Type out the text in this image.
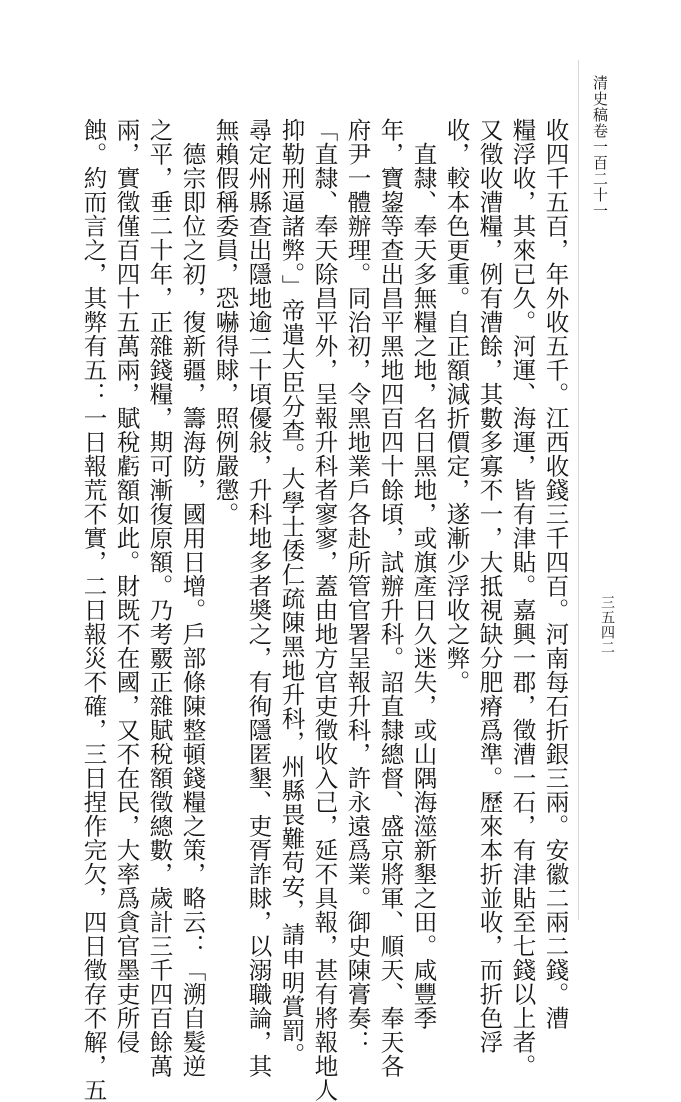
清史稿卷一百二十一
三五四二
收四千五百，年外收五千。江西收錢三千四百。河南每石折銀三兩。安徽二兩二錢。漕
糧浮收，其來已久。河運、海運，皆有津貼。嘉興一郡，徵漕一石，有津貼至七錢以上者。
又徵收漕糧，例有漕餘，其數多寡不一，大抵視缺分肥瘠爲準。歷來本折並收，而折色浮
收，較本色更重。自正額減折價定，遂漸少浮收之弊。
直隸、奉天多無糧之地，名日黑地，或旗產日久迷失，或山隅海澨新墾之田。咸豐季
年，寶鋆等查出昌平黑地四百四十餘頃，試辦升科。詔直隸總督、盛京將軍、順天、奉天各
府尹一體辦理。同治初，令黑地業戶各赴所管官署呈報升科，許永遠爲業。御史陳膏奏：
「直隸、奉天除昌平外，呈報升科者寥寥，蓋由地方官吏徵收入己，延不具報，甚有將報地人
抑勒刑逼諸弊。」帝遣大臣分查。大學士倭仁疏陳黑地升科，州縣畏難苟安，請申明賞罰。
尋定州縣查出隱地逾二十頃優敍，升科地多者奬之，有徇隱匿墾、吏胥詐賕，以溺職論，其
無賴假稱委員，恐嚇得賕，照例嚴懲。
德宗即位之初，復新疆，籌海防，國用日增。戶部條陳整頓錢糧之策，略云：「溯自髮逆
之平，垂二十年，正雜錢糧，期可漸復原額。乃考覈正雜賦稅額徵總數，歲計三千四百餘萬
兩，實徵僅百四十五萬兩，賦稅虧額如此。財既不在國，又不在民，大率爲貪官墨吏所侵
蝕。約而言之，其弊有五：一日報荒不實，二日報災不確，三日捏作完欠，四日徵存不解，五
